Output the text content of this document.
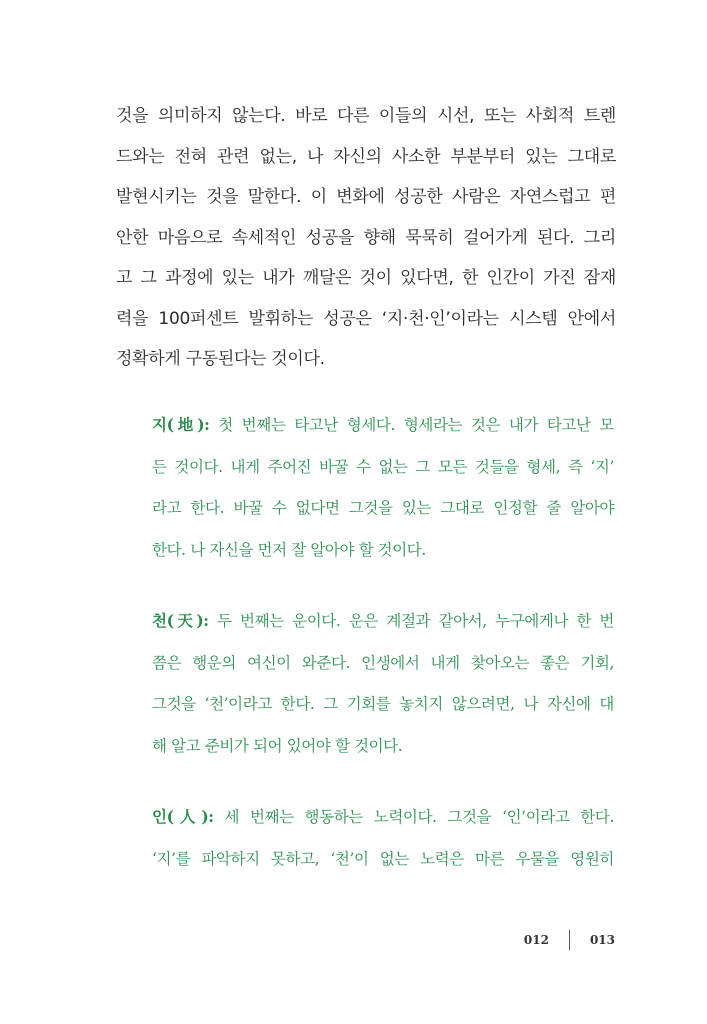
것을 의미하지 않는다. 바로 다른 이들의 시선, 또는 사회적 트렌
드와는 전혀 관련 없는, 나 자신의 사소한 부분부터 있는 그대로
발현시키는 것을 말한다. 이 변화에 성공한 사람은 자연스럽고 편
안한 마음으로 속세적인 성공을 향해 묵묵히 걸어가게 된다. 그리
고 그 과정에 있는 내가 깨달은 것이 있다면, 한 인간이 가진 잠재
력을 100퍼센트 발휘하는 성공은 ‘지·천·인’이라는 시스템 안에서
정확하게 구동된다는 것이다.
지(地): 첫 번째는 타고난 형세다. 형세라는 것은 내가 타고난 모
든 것이다. 내게 주어진 바꿀 수 없는 그 모든 것들을 형세, 즉 ‘지’
라고 한다. 바꿀 수 없다면 그것을 있는 그대로 인정할 줄 알아야
한다. 나 자신을 먼저 잘 알아야 할 것이다.
천(天): 두 번째는 운이다. 운은 계절과 같아서, 누구에게나 한 번
쯤은 행운의 여신이 와준다. 인생에서 내게 찾아오는 좋은 기회,
그것을 ‘천’이라고 한다. 그 기회를 놓치지 않으려면, 나 자신에 대
해 알고 준비가 되어 있어야 할 것이다.
인(人): 세 번째는 행동하는 노력이다. 그것을 ‘인’이라고 한다.
‘지’를 파악하지 못하고, ‘천’이 없는 노력은 마른 우물을 영원히
012	013
